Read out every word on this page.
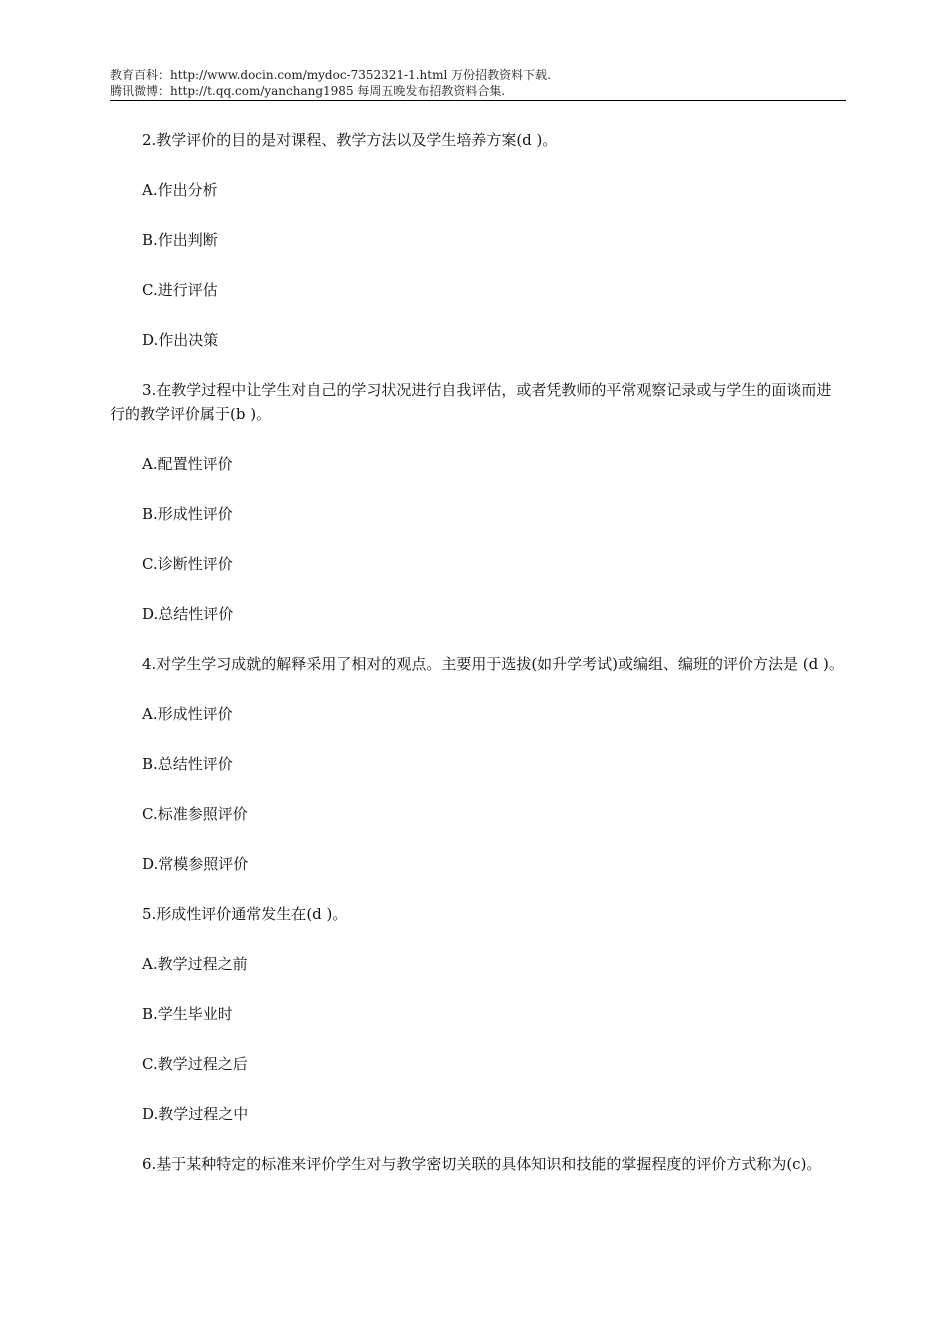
教育百科：http://www.docin.com/mydoc-7352321-1.html 万份招教资料下载.
腾讯微博：http://t.qq.com/yanchang1985 每周五晚发布招教资料合集.

2.教学评价的目的是对课程、教学方法以及学生培养方案(d )。

A.作出分析

B.作出判断

C.进行评估

D.作出决策

3.在教学过程中让学生对自己的学习状况进行自我评估，或者凭教师的平常观察记录或与学生的面谈而进行的教学评价属于(b )。

A.配置性评价

B.形成性评价

C.诊断性评价

D.总结性评价

4.对学生学习成就的解释采用了相对的观点。主要用于选拔(如升学考试)或编组、编班的评价方法是 (d )。

A.形成性评价

B.总结性评价

C.标准参照评价

D.常模参照评价

5.形成性评价通常发生在(d )。

A.教学过程之前

B.学生毕业时

C.教学过程之后

D.教学过程之中

6.基于某种特定的标准来评价学生对与教学密切关联的具体知识和技能的掌握程度的评价方式称为(c)。
